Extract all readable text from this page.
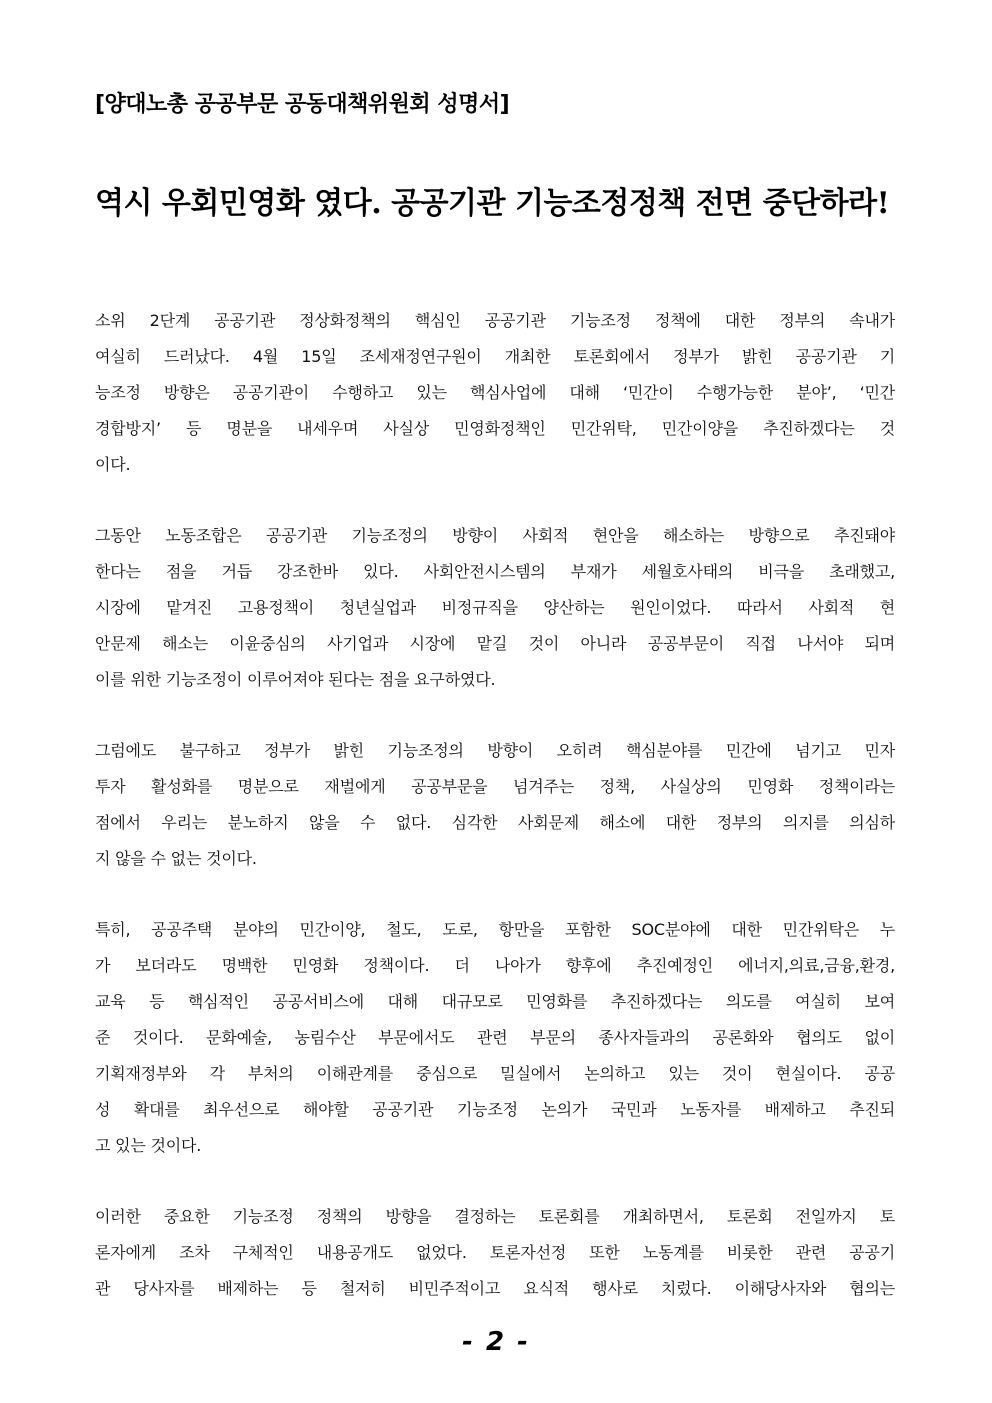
[양대노총 공공부문 공동대책위원회 성명서]
역시 우회민영화 였다. 공공기관 기능조정정책 전면 중단하라!
소위 2단계 공공기관 정상화정책의 핵심인 공공기관 기능조정 정책에 대한 정부의 속내가
여실히 드러났다. 4월 15일 조세재정연구원이 개최한 토론회에서 정부가 밝힌 공공기관 기
능조정 방향은 공공기관이 수행하고 있는 핵심사업에 대해 ‘민간이 수행가능한 분야’, ‘민간
경합방지’ 등 명분을 내세우며 사실상 민영화정책인 민간위탁, 민간이양을 추진하겠다는 것
이다.
그동안 노동조합은 공공기관 기능조정의 방향이 사회적 현안을 해소하는 방향으로 추진돼야
한다는 점을 거듭 강조한바 있다. 사회안전시스템의 부재가 세월호사태의 비극을 초래했고,
시장에 맡겨진 고용정책이 청년실업과 비정규직을 양산하는 원인이었다. 따라서 사회적 현
안문제 해소는 이윤중심의 사기업과 시장에 맡길 것이 아니라 공공부문이 직접 나서야 되며
이를 위한 기능조정이 이루어져야 된다는 점을 요구하였다.
그럼에도 불구하고 정부가 밝힌 기능조정의 방향이 오히려 핵심분야를 민간에 넘기고 민자
투자 활성화를 명분으로 재벌에게 공공부문을 넘겨주는 정책, 사실상의 민영화 정책이라는
점에서 우리는 분노하지 않을 수 없다. 심각한 사회문제 해소에 대한 정부의 의지를 의심하
지 않을 수 없는 것이다.
특히, 공공주택 분야의 민간이양, 철도, 도로, 항만을 포함한 SOC분야에 대한 민간위탁은 누
가 보더라도 명백한 민영화 정책이다. 더 나아가 향후에 추진예정인 에너지,의료,금융,환경,
교육 등 핵심적인 공공서비스에 대해 대규모로 민영화를 추진하겠다는 의도를 여실히 보여
준 것이다. 문화예술, 농림수산 부문에서도 관련 부문의 종사자들과의 공론화와 협의도 없이
기획재정부와 각 부처의 이해관계를 중심으로 밀실에서 논의하고 있는 것이 현실이다. 공공
성 확대를 최우선으로 해야할 공공기관 기능조정 논의가 국민과 노동자를 배제하고 추진되
고 있는 것이다.
이러한 중요한 기능조정 정책의 방향을 결정하는 토론회를 개최하면서, 토론회 전일까지 토
론자에게 조차 구체적인 내용공개도 없었다. 토론자선정 또한 노동계를 비롯한 관련 공공기
관 당사자를 배제하는 등 철저히 비민주적이고 요식적 행사로 치렀다. 이해당사자와 협의는
- 2 -
